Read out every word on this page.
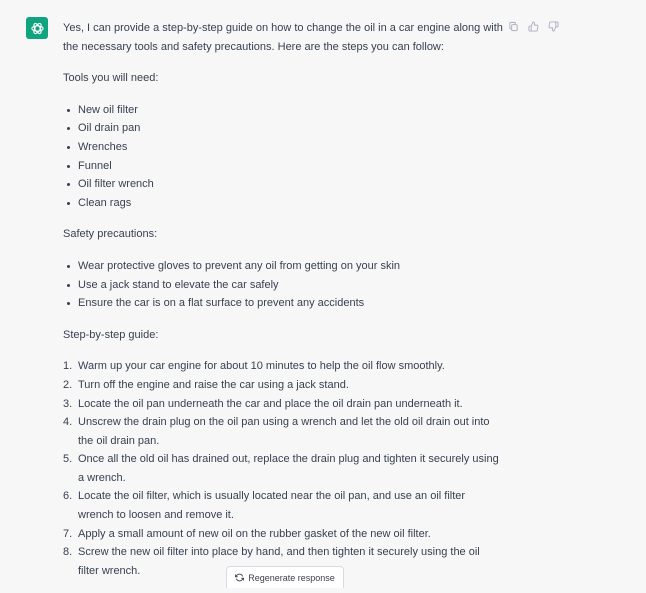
Yes, I can provide a step-by-step guide on how to change the oil in a car engine along with the necessary tools and safety precautions. Here are the steps you can follow:

Tools you will need:

New oil filter
Oil drain pan
Wrenches
Funnel
Oil filter wrench
Clean rags

Safety precautions:

Wear protective gloves to prevent any oil from getting on your skin
Use a jack stand to elevate the car safely
Ensure the car is on a flat surface to prevent any accidents

Step-by-step guide:

1. Warm up your car engine for about 10 minutes to help the oil flow smoothly.
2. Turn off the engine and raise the car using a jack stand.
3. Locate the oil pan underneath the car and place the oil drain pan underneath it.
4. Unscrew the drain plug on the oil pan using a wrench and let the old oil drain out into the oil drain pan.
5. Once all the old oil has drained out, replace the drain plug and tighten it securely using a wrench.
6. Locate the oil filter, which is usually located near the oil pan, and use an oil filter wrench to loosen and remove it.
7. Apply a small amount of new oil on the rubber gasket of the new oil filter.
8. Screw the new oil filter into place by hand, and then tighten it securely using the oil filter wrench.
Regenerate response
